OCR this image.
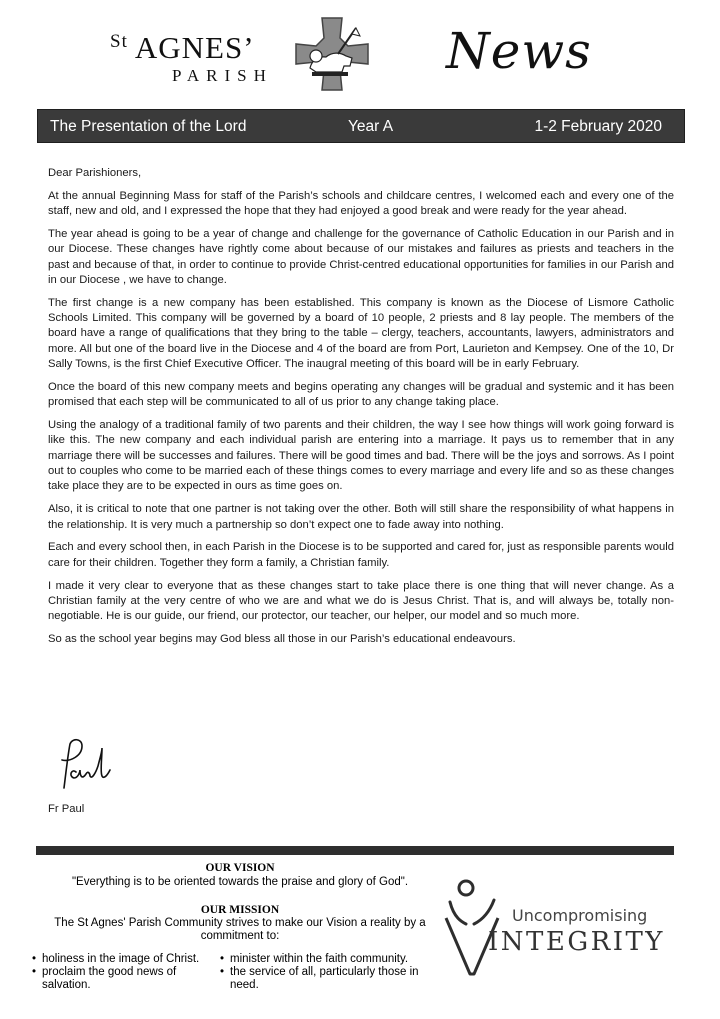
$^{St}$ AGNES’
PARISH	News
The Presentation of the Lord	Year A	1-2 February 2020

Dear Parishioners,

At the annual Beginning Mass for staff of the Parish’s schools and childcare centres, I welcomed each and every one of the staff, new and old, and I expressed the hope that they had enjoyed a good break and were ready for the year ahead.

The year ahead is going to be a year of change and challenge for the governance of Catholic Education in our Parish and in our Diocese. These changes have rightly come about because of our mistakes and failures as priests and teachers in the past and because of that, in order to continue to provide Christ-centred educational opportunities for families in our Parish and in our Diocese , we have to change.

The first change is a new company has been established. This company is known as the Diocese of Lismore Catholic Schools Limited. This company will be governed by a board of 10 people, 2 priests and 8 lay people. The members of the board have a range of qualifications that they bring to the table – clergy, teachers, accountants, lawyers, administrators and more. All but one of the board live in the Diocese and 4 of the board are from Port, Laurieton and Kempsey. One of the 10, Dr Sally Towns, is the first Chief Executive Officer. The inaugral meeting of this board will be in early February.

Once the board of this new company meets and begins operating any changes will be gradual and systemic and it has been promised that each step will be communicated to all of us prior to any change taking place.

Using the analogy of a traditional family of two parents and their children, the way I see how things will work going forward is like this. The new company and each individual parish are entering into a marriage. It pays us to remember that in any marriage there will be successes and failures. There will be good times and bad. There will be the joys and sorrows. As I point out to couples who come to be married each of these things comes to every marriage and every life and so as these changes take place they are to be expected in ours as time goes on.

Also, it is critical to note that one partner is not taking over the other. Both will still share the responsibility of what happens in the relationship. It is very much a partnership so don’t expect one to fade away into nothing.

Each and every school then, in each Parish in the Diocese is to be supported and cared for, just as responsible parents would care for their children. Together they form a family, a Christian family.

I made it very clear to everyone that as these changes start to take place there is one thing that will never change. As a Christian family at the very centre of who we are and what we do is Jesus Christ. That is, and will always be, totally non-negotiable. He is our guide, our friend, our protector, our teacher, our helper, our model and so much more.

So as the school year begins may God bless all those in our Parish’s educational endeavours.

Fr Paul
OUR VISION
"Everything is to be oriented towards the praise and glory of God".
OUR MISSION
The St Agnes' Parish Community strives to make our Vision a reality by a commitment to:
• holiness in the image of Christ.
• proclaim the good news of salvation.
• minister within the faith community.
• the service of all, particularly those in need.
Uncompromising
INTEGRITY
